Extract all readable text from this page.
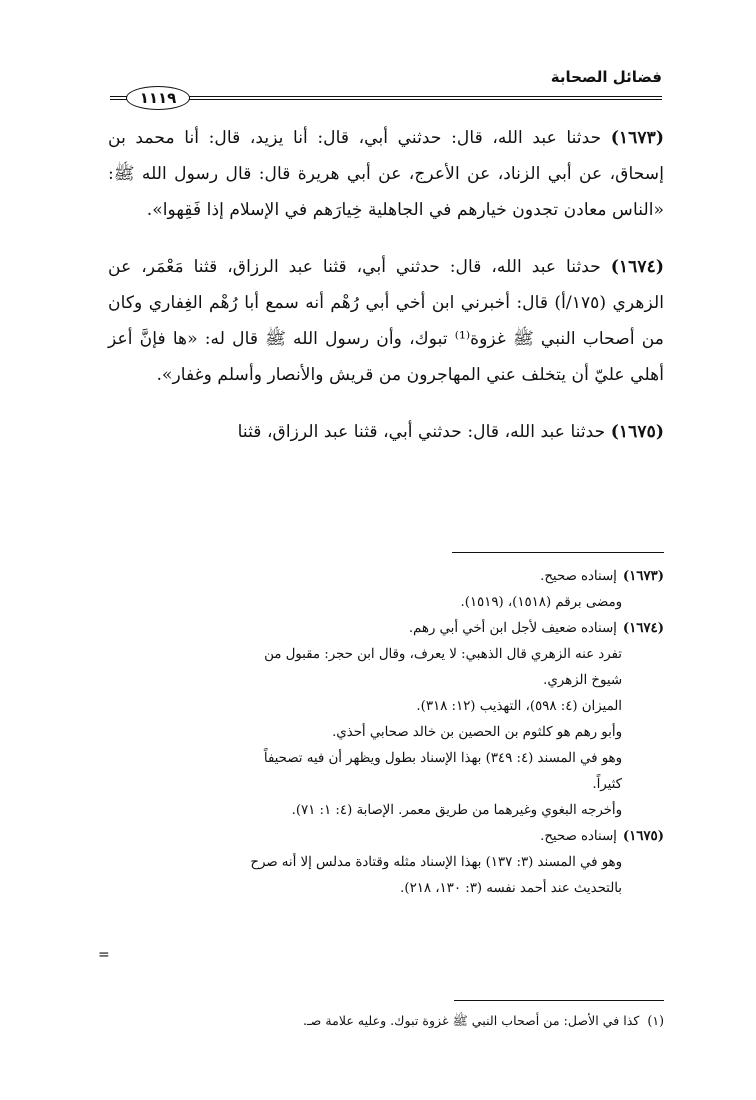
فضائل الصحابة
١١١٩

(١٦٧٣) حدثنا عبد الله، قال: حدثني أبي، قال: أنا يزيد، قال: أنا محمد بن إسحاق، عن أبي الزناد، عن الأعرج، عن أبي هريرة قال: قال رسول الله ﷺ: «الناس معادن تجدون خيارهم في الجاهلية خِيارَهم في الإسلام إذا فَقِهوا».

(١٦٧٤) حدثنا عبد الله، قال: حدثني أبي، قثنا عبد الرزاق، قثنا مَعْمَر، عن الزهري (١٧٥/أ) قال: أخبرني ابن أخي أبي رُهْم أنه سمع أبا رُهْم الغِفاري وكان من أصحاب النبي ﷺ غزوة⁽¹⁾ تبوك، وأن رسول الله ﷺ قال له: «ها فإنَّ أعز أهلي عليّ أن يتخلف عني المهاجرون من قريش والأنصار وأسلم وغفار».

(١٦٧٥) حدثنا عبد الله، قال: حدثني أبي، قثنا عبد الرزاق، قثنا

(١٦٧٣)
إسناده صحيح.
ومضى برقم (١٥١٨)، (١٥١٩).
(١٦٧٤)
إسناده ضعيف لأجل ابن أخي أبي رهم.
تفرد عنه الزهري قال الذهبي: لا يعرف، وقال ابن حجر: مقبول من
شيوخ الزهري.
الميزان (٤: ٥٩٨)، التهذيب (١٢: ٣١٨).
وأبو رهم هو كلثوم بن الحصين بن خالد صحابي أحذي.
وهو في المسند (٤: ٣٤٩) بهذا الإسناد بطول ويظهر أن فيه تصحيفاً
كثيراً.
وأخرجه البغوي وغيرهما من طريق معمر. الإصابة (٤: ١: ٧١).
(١٦٧٥)
إسناده صحيح.
وهو في المسند (٣: ١٣٧) بهذا الإسناد مثله وقتادة مدلس إلا أنه صرح
بالتحديث عند أحمد نفسه (٣: ١٣٠، ٢١٨).
=
(١)كذا في الأصل: من أصحاب النبي ﷺ غزوة تبوك. وعليه علامة صـ.
